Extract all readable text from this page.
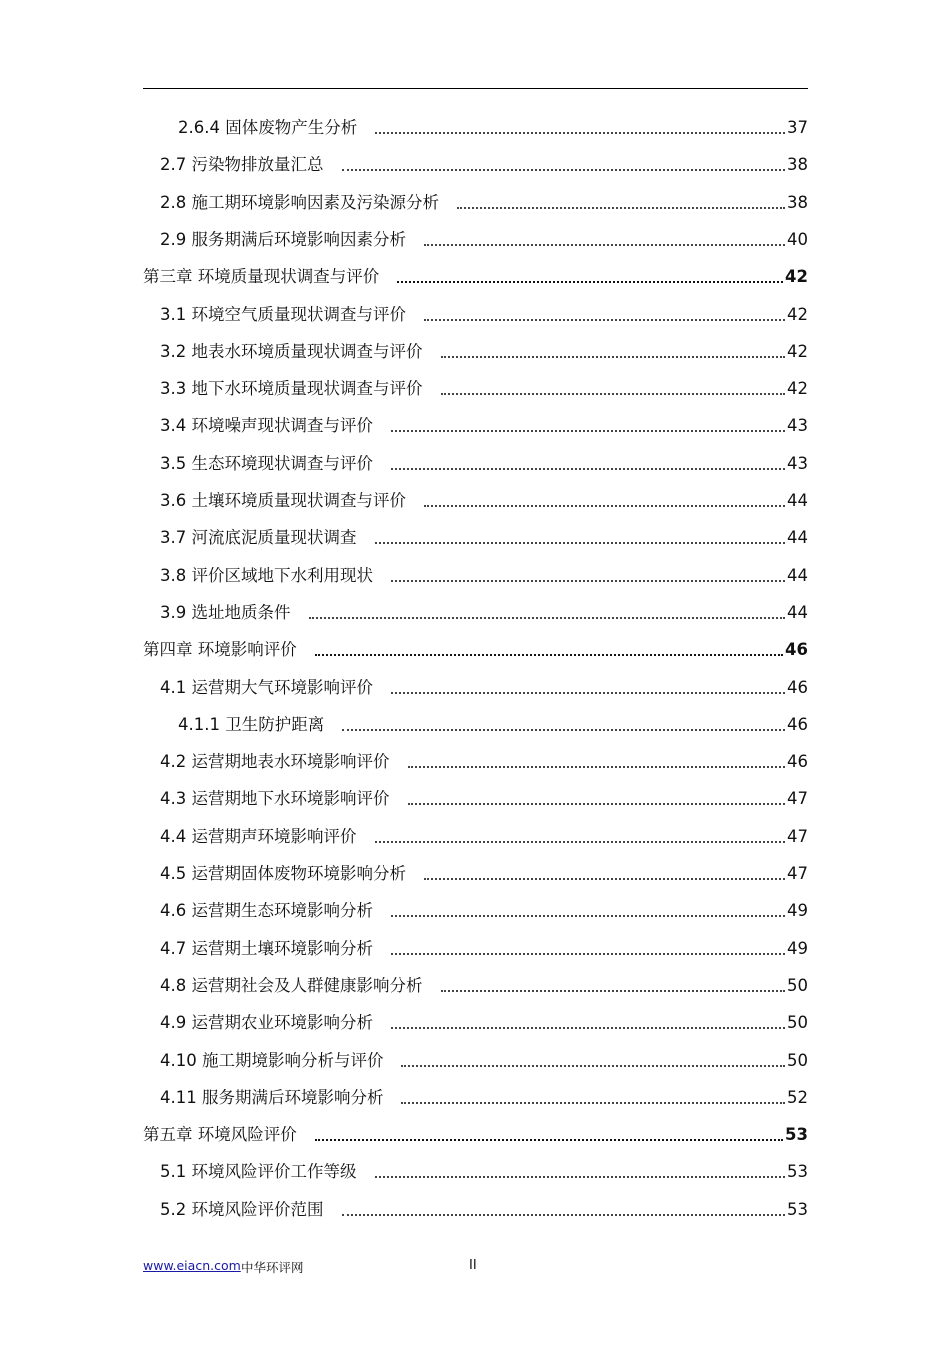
2.6.4 固体废物产生分析	37
2.7 污染物排放量汇总	38
2.8 施工期环境影响因素及污染源分析	38
2.9 服务期满后环境影响因素分析	40
第三章 环境质量现状调查与评价	42
3.1 环境空气质量现状调查与评价	42
3.2 地表水环境质量现状调查与评价	42
3.3 地下水环境质量现状调查与评价	42
3.4 环境噪声现状调查与评价	43
3.5 生态环境现状调查与评价	43
3.6 土壤环境质量现状调查与评价	44
3.7 河流底泥质量现状调查	44
3.8 评价区域地下水利用现状	44
3.9 选址地质条件	44
第四章 环境影响评价	46
4.1 运营期大气环境影响评价	46
4.1.1 卫生防护距离	46
4.2 运营期地表水环境影响评价	46
4.3 运营期地下水环境影响评价	47
4.4 运营期声环境影响评价	47
4.5 运营期固体废物环境影响分析	47
4.6 运营期生态环境影响分析	49
4.7 运营期土壤环境影响分析	49
4.8 运营期社会及人群健康影响分析	50
4.9 运营期农业环境影响分析	50
4.10 施工期境影响分析与评价	50
4.11 服务期满后环境影响分析	52
第五章 环境风险评价	53
5.1 环境风险评价工作等级	53
5.2 环境风险评价范围	53
www.eiacn.com 中华环评网	II
